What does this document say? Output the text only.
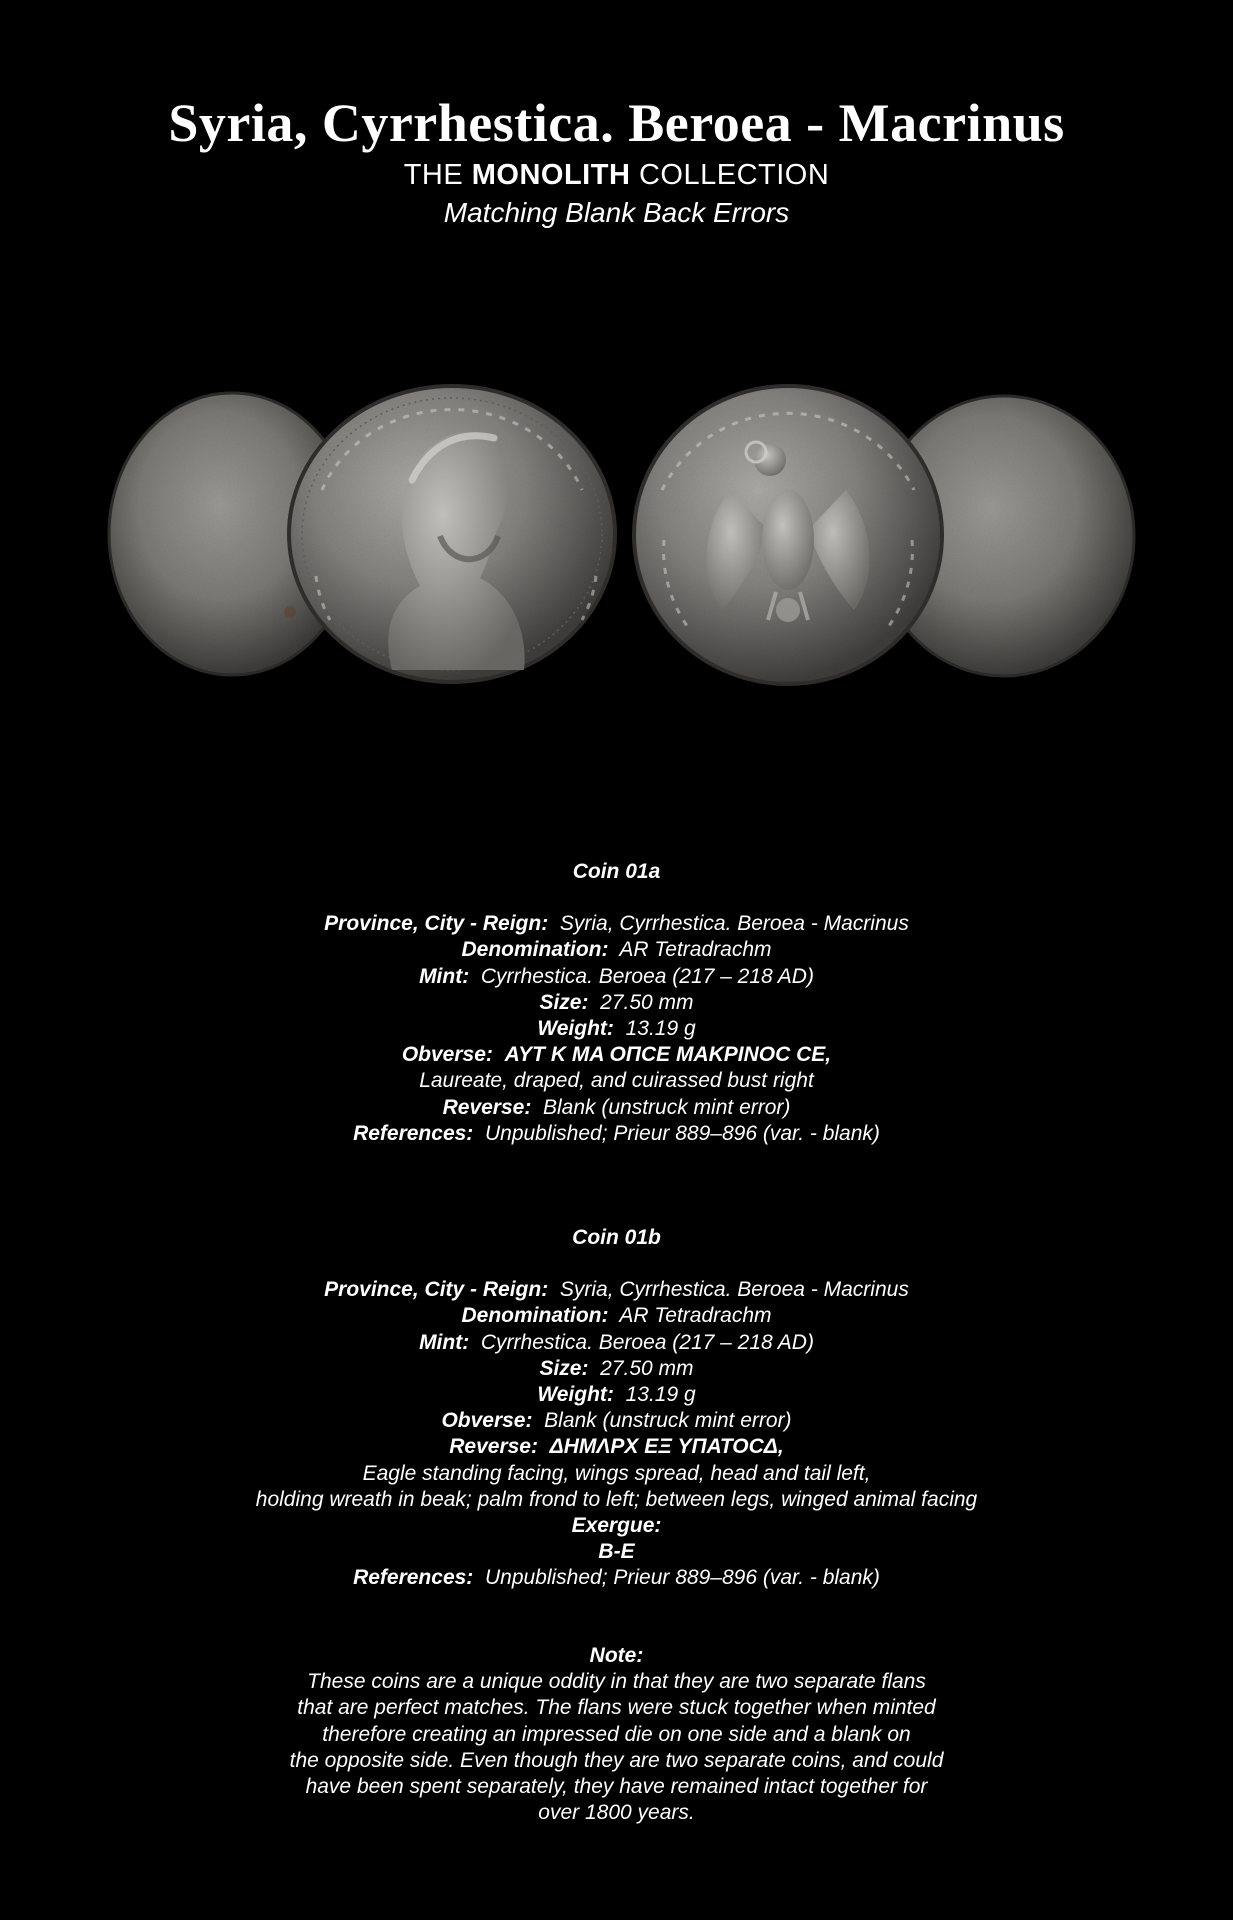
Syria, Cyrrhestica. Beroea - Macrinus
THE MONOLITH COLLECTION
Matching Blank Back Errors
Coin 01a
Province, City - Reign: Syria, Cyrrhestica. Beroea - Macrinus
Denomination: AR Tetradrachm
Mint: Cyrrhestica. Beroea (217 – 218 AD)
Size: 27.50 mm
Weight: 13.19 g
Obverse: AYT K MA ΟΠCE MAKPINOC CE,
Laureate, draped, and cuirassed bust right
Reverse: Blank (unstruck mint error)
References: Unpublished; Prieur 889–896 (var. - blank)
Coin 01b
Province, City - Reign: Syria, Cyrrhestica. Beroea - Macrinus
Denomination: AR Tetradrachm
Mint: Cyrrhestica. Beroea (217 – 218 AD)
Size: 27.50 mm
Weight: 13.19 g
Obverse: Blank (unstruck mint error)
Reverse: ΔΗΜΛΡΧ ΕΞ ΥΠΑΤΟCΔ,
Eagle standing facing, wings spread, head and tail left,
holding wreath in beak; palm frond to left; between legs, winged animal facing
Exergue:
B-E
References: Unpublished; Prieur 889–896 (var. - blank)
Note:
These coins are a unique oddity in that they are two separate flans
that are perfect matches. The flans were stuck together when minted
therefore creating an impressed die on one side and a blank on
the opposite side. Even though they are two separate coins, and could
have been spent separately, they have remained intact together for
over 1800 years.
